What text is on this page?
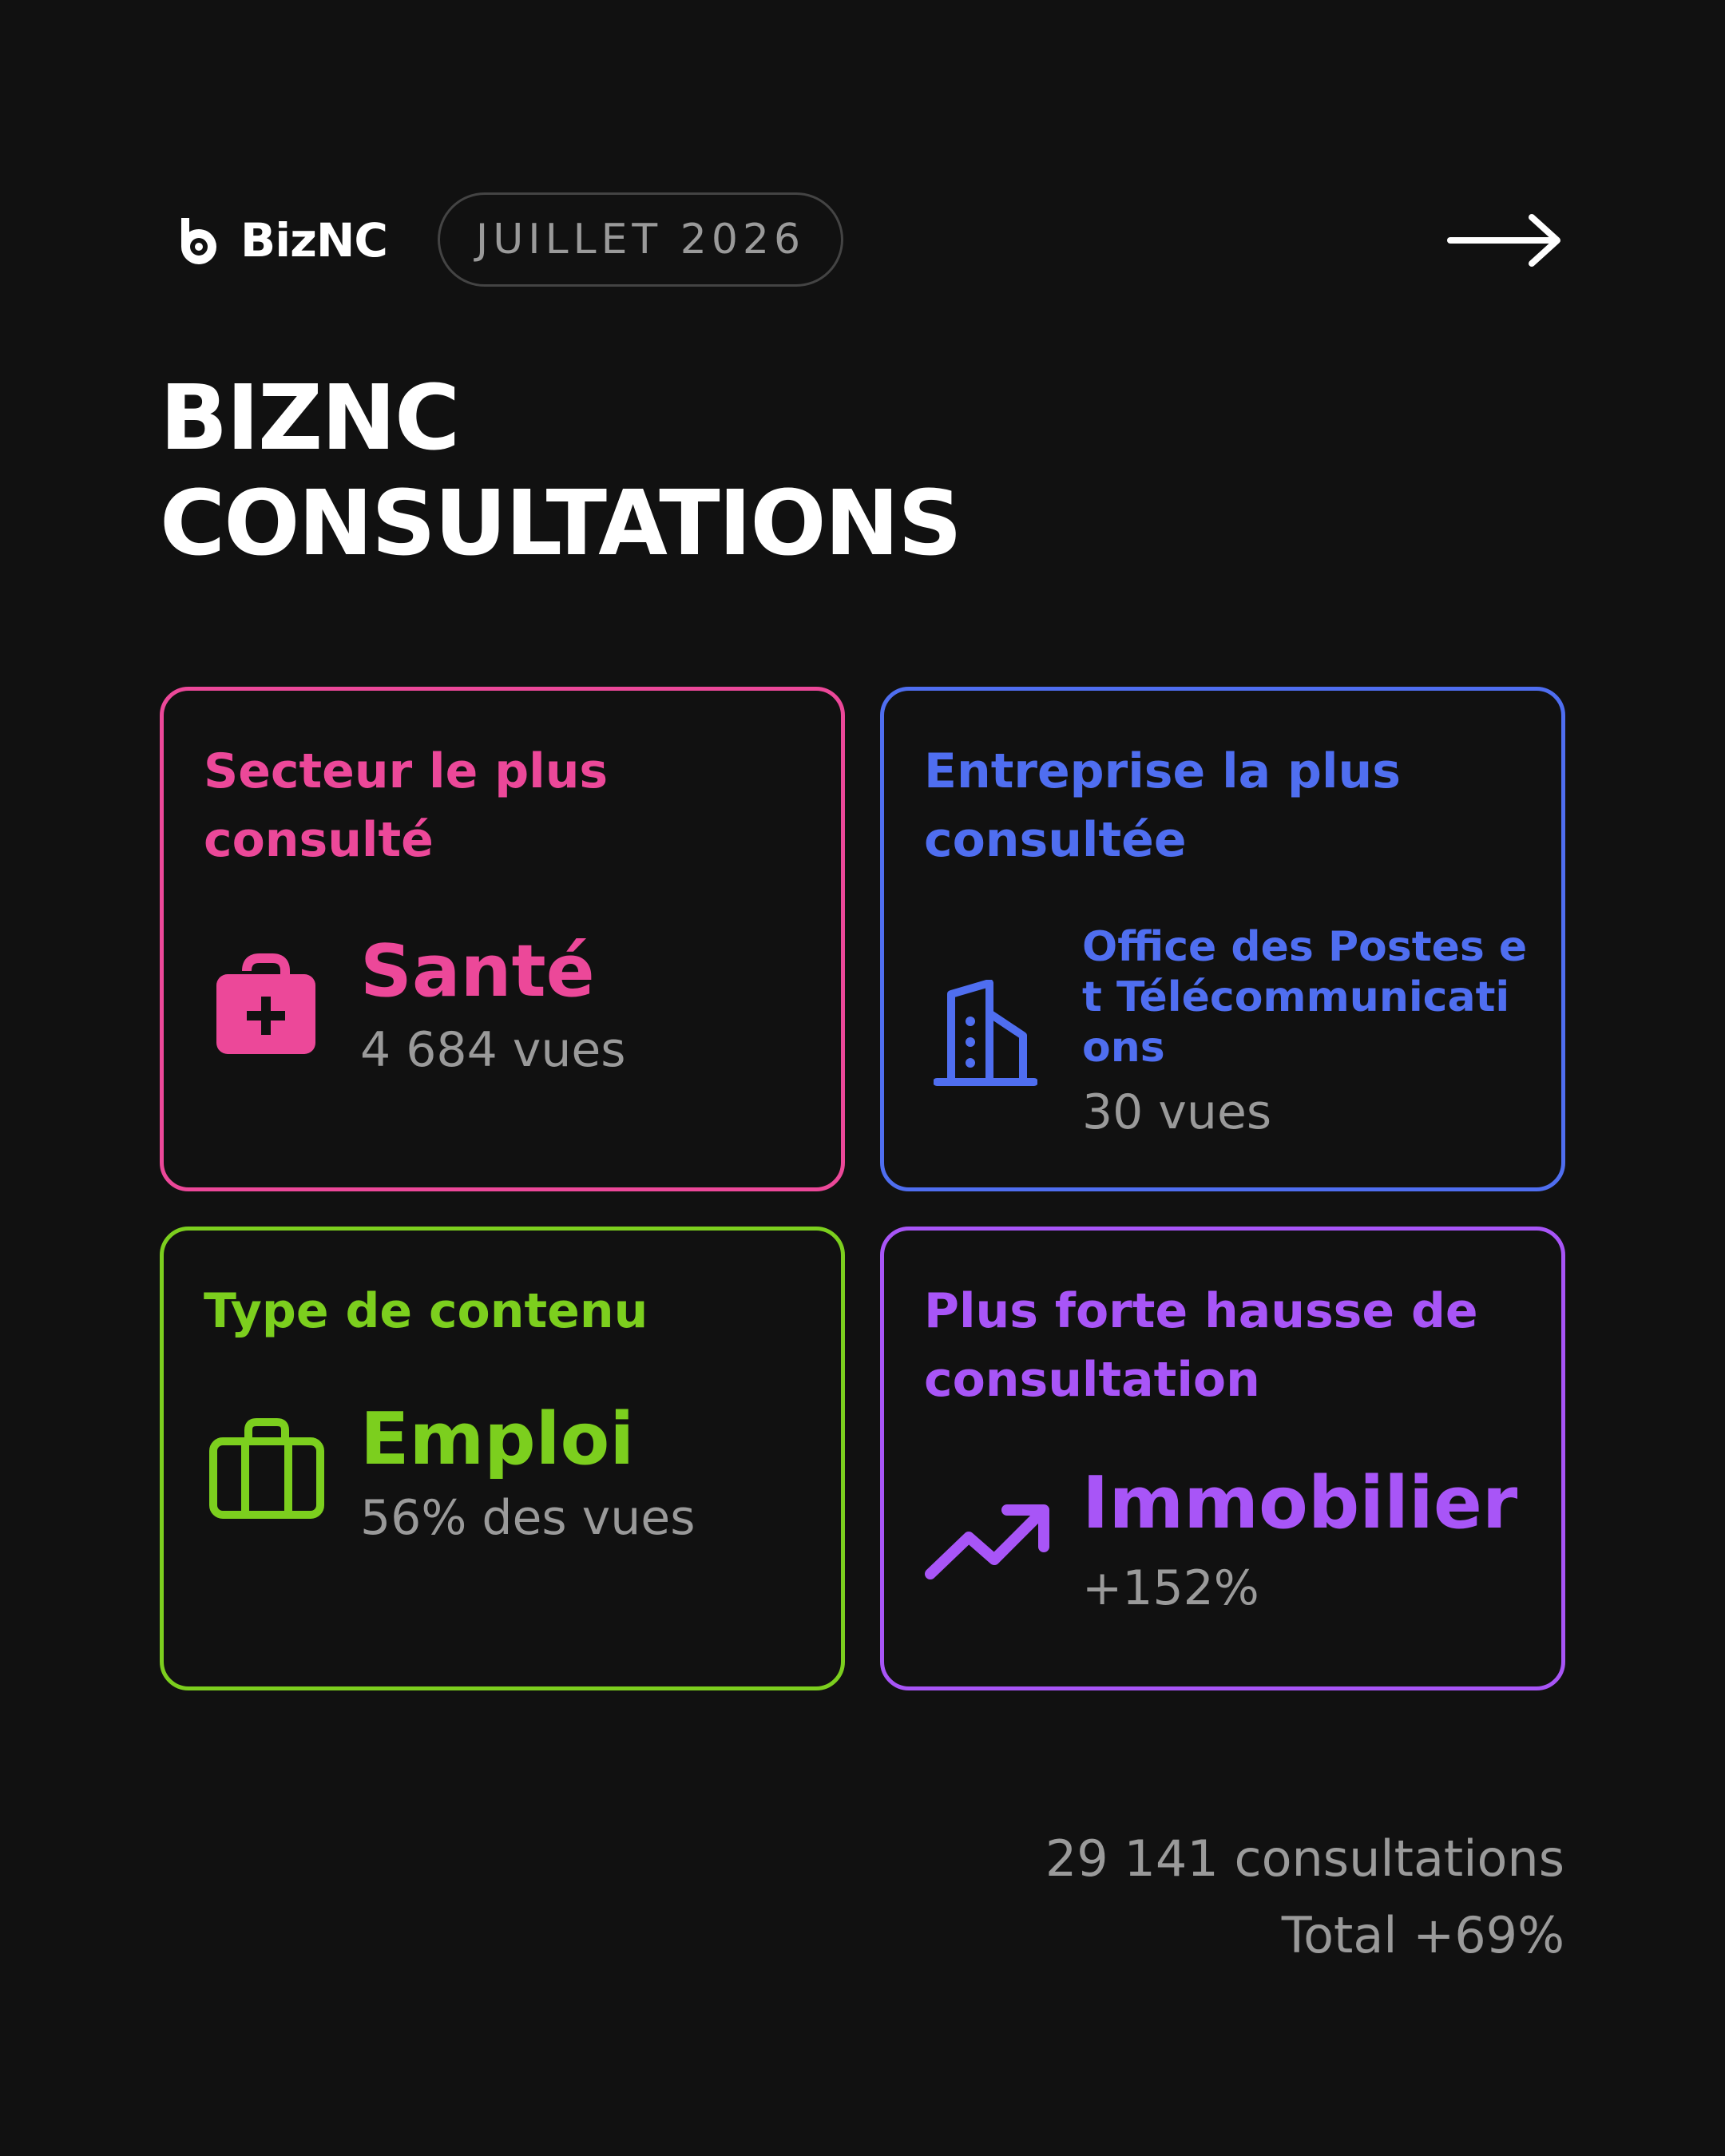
BizNC	JUILLET 2026
BIZNC
CONSULTATIONS

Secteur le plus consulté

Santé

4 684 vues

Entreprise la plus consultée

Office des Postes et Télécommunications

30 vues

Type de contenu

Emploi

56% des vues

Plus forte hausse de consultation

Immobilier

+152%

29 141 consultations
Total +69%
